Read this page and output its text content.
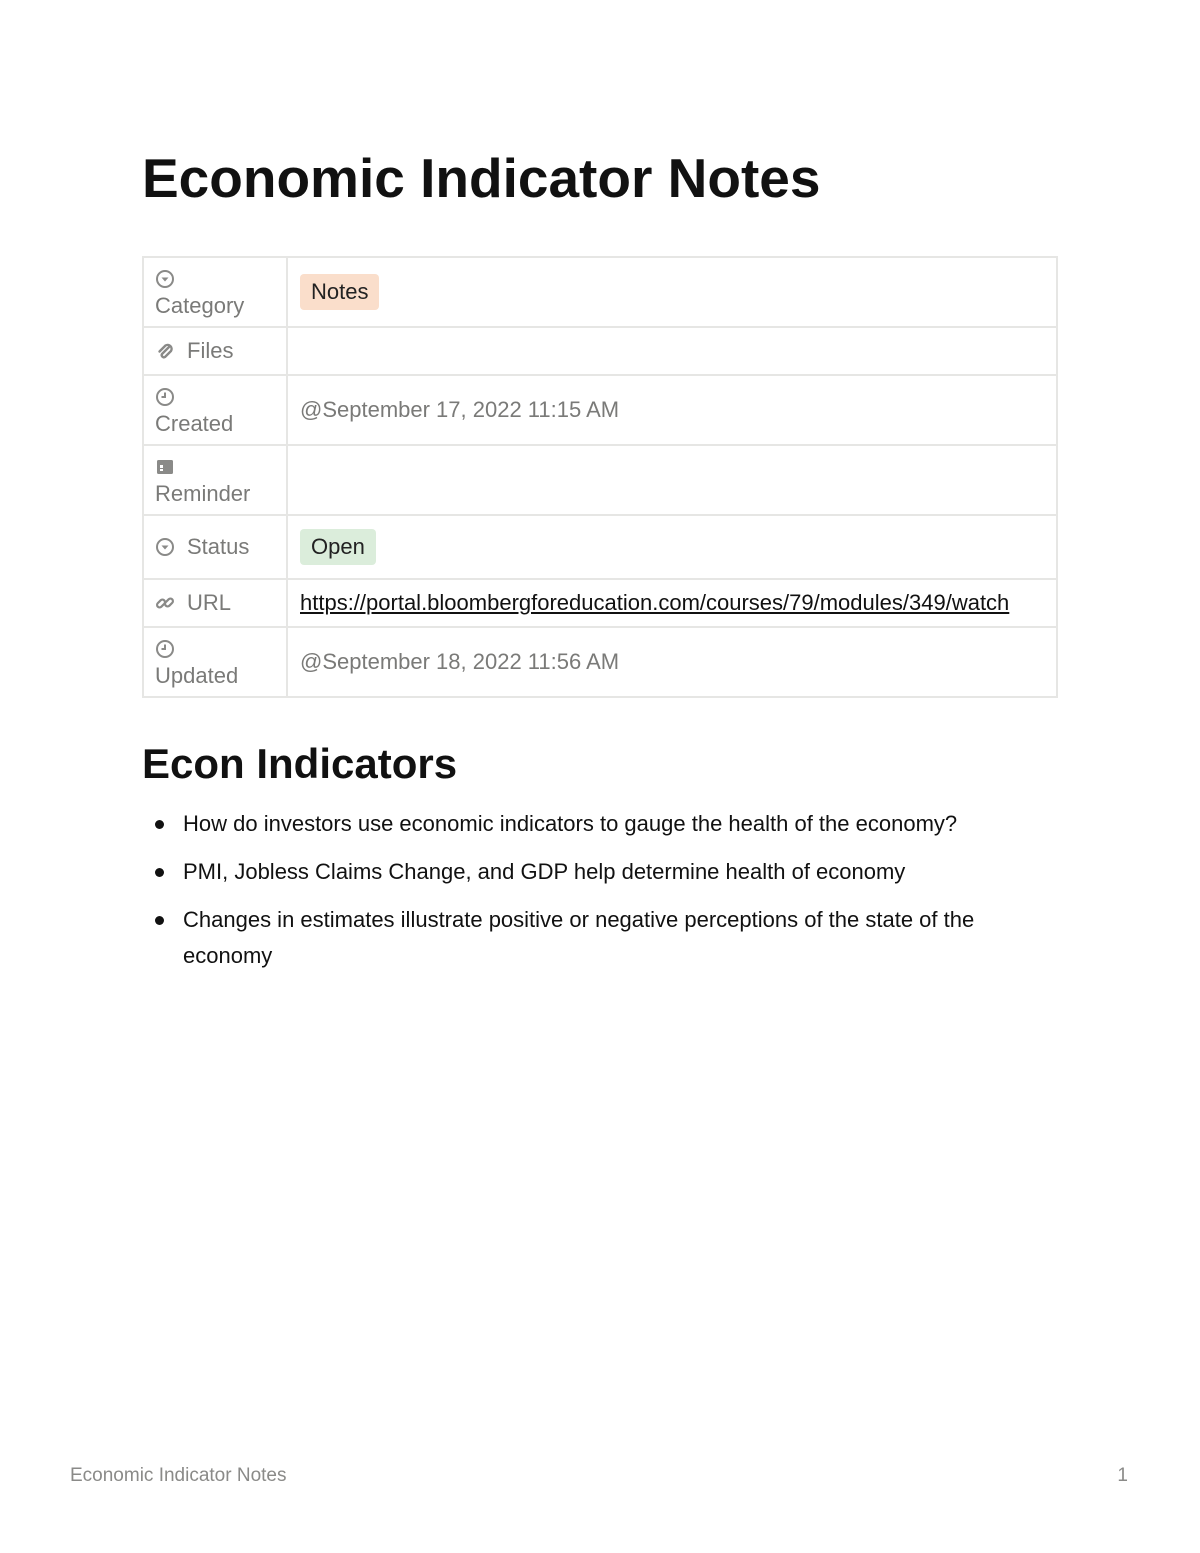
Economic Indicator Notes

Category	Notes

Files	

Created	@September 17, 2022 11:15 AM

Reminder	

Status	Open

URL	https://portal.bloombergforeducation.com/courses/79/modules/349/watch

Updated	@September 18, 2022 11:56 AM
Econ Indicators
How do investors use economic indicators to gauge the health of the economy?
PMI, Jobless Claims Change, and GDP help determine health of economy
Changes in estimates illustrate positive or negative perceptions of the state of the economy
Economic Indicator Notes	1
